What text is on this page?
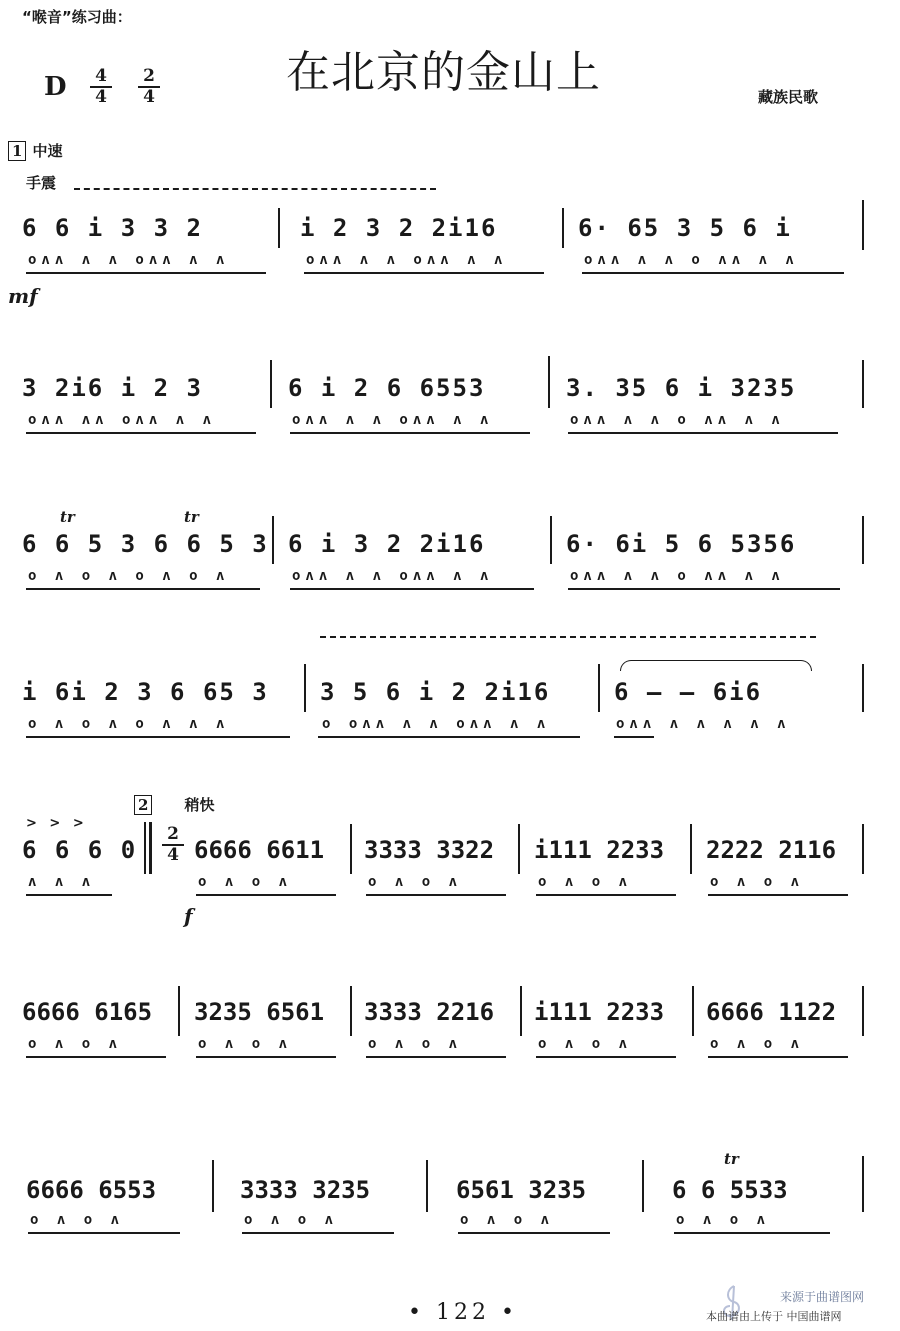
“喉音”练习曲：
在北京的金山上
D 4
4
2
4	藏族民歌
1 中速
手震
6 6 i 3 3 2	i 2 3 2 2i16	6· 65 3 5 6 i
oʌʌ ʌ ʌ oʌʌ ʌ ʌ	oʌʌ ʌ ʌ oʌʌ ʌ ʌ	oʌʌ ʌ ʌ o ʌʌ ʌ ʌ
mf
3 2i6 i 2 3	6 i 2 6 6553	3. 35 6 i 3235
oʌʌ ʌʌ oʌʌ ʌ ʌ	oʌʌ ʌ ʌ oʌʌ ʌ ʌ	oʌʌ ʌ ʌ o ʌʌ ʌ ʌ
tr	tr
6 6 5 3 6 6 5 3 6 i 3 2 2i16	6· 6i 5 6 5356
o ʌ o ʌ o ʌ o ʌ	oʌʌ ʌ ʌ oʌʌ ʌ ʌ	oʌʌ ʌ ʌ o ʌʌ ʌ ʌ
i 6i 2 3 6 65 3 3 5 6 i 2 2i16	6 – – 6i6
o ʌ o ʌ o ʌ ʌ ʌ	o oʌʌ ʌ ʌ oʌʌ ʌ ʌ	oʌʌ ʌ ʌ ʌ ʌ ʌ
2 稍快
> > >
6 6 6 0
2
4 6666 6611 3333 3322 i111 2233 2222 2116
ʌ ʌ ʌ	o ʌ o ʌ	o ʌ o ʌ	o ʌ o ʌ	o ʌ o ʌ
f
6666 6165 3235 6561 3333 2216 i111 2233 6666 1122
o ʌ o ʌ	o ʌ o ʌ	o ʌ o ʌ	o ʌ o ʌ	o ʌ o ʌ
tr
6666 6553	3333 3235	6561 3235	6 6 5533
o ʌ o ʌ	o ʌ o ʌ	o ʌ o ʌ	o ʌ o ʌ
• 122 •
来源于曲谱图网
本曲谱由上传于 中国曲谱网
